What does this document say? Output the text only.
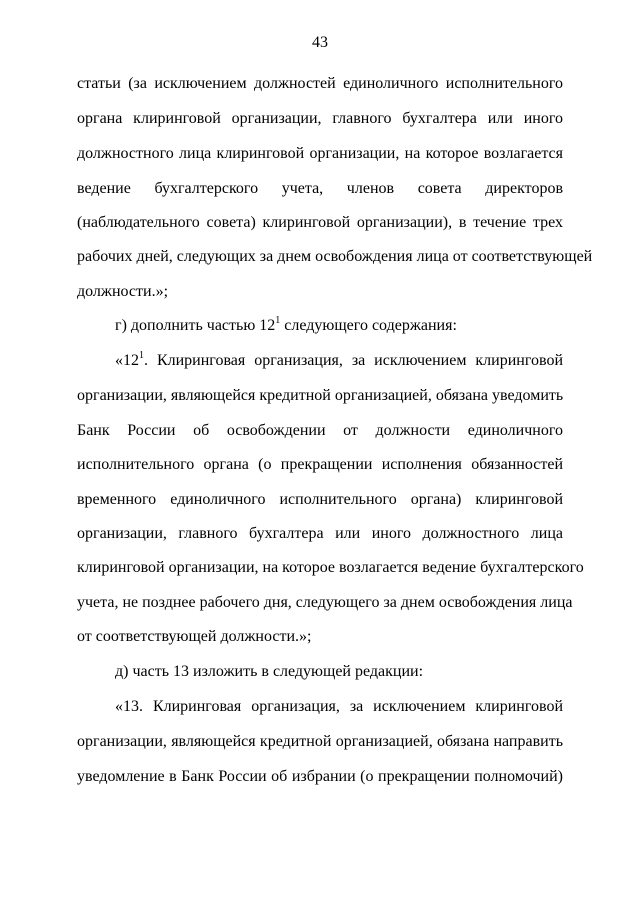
43
статьи (за исключением должностей единоличного исполнительного
органа клиринговой организации, главного бухгалтера или иного
должностного лица клиринговой организации, на которое возлагается
ведение бухгалтерского учета, членов совета директоров
(наблюдательного совета) клиринговой организации), в течение трех
рабочих дней, следующих за днем освобождения лица от соответствующей
должности.»;
г) дополнить частью $12^1$ следующего содержания:
«$12^1$. Клиринговая организация, за исключением клиринговой
организации, являющейся кредитной организацией, обязана уведомить
Банк России об освобождении от должности единоличного
исполнительного органа (о прекращении исполнения обязанностей
временного единоличного исполнительного органа) клиринговой
организации, главного бухгалтера или иного должностного лица
клиринговой организации, на которое возлагается ведение бухгалтерского
учета, не позднее рабочего дня, следующего за днем освобождения лица
от соответствующей должности.»;
д) часть 13 изложить в следующей редакции:
«13. Клиринговая организация, за исключением клиринговой
организации, являющейся кредитной организацией, обязана направить
уведомление в Банк России об избрании (о прекращении полномочий)
